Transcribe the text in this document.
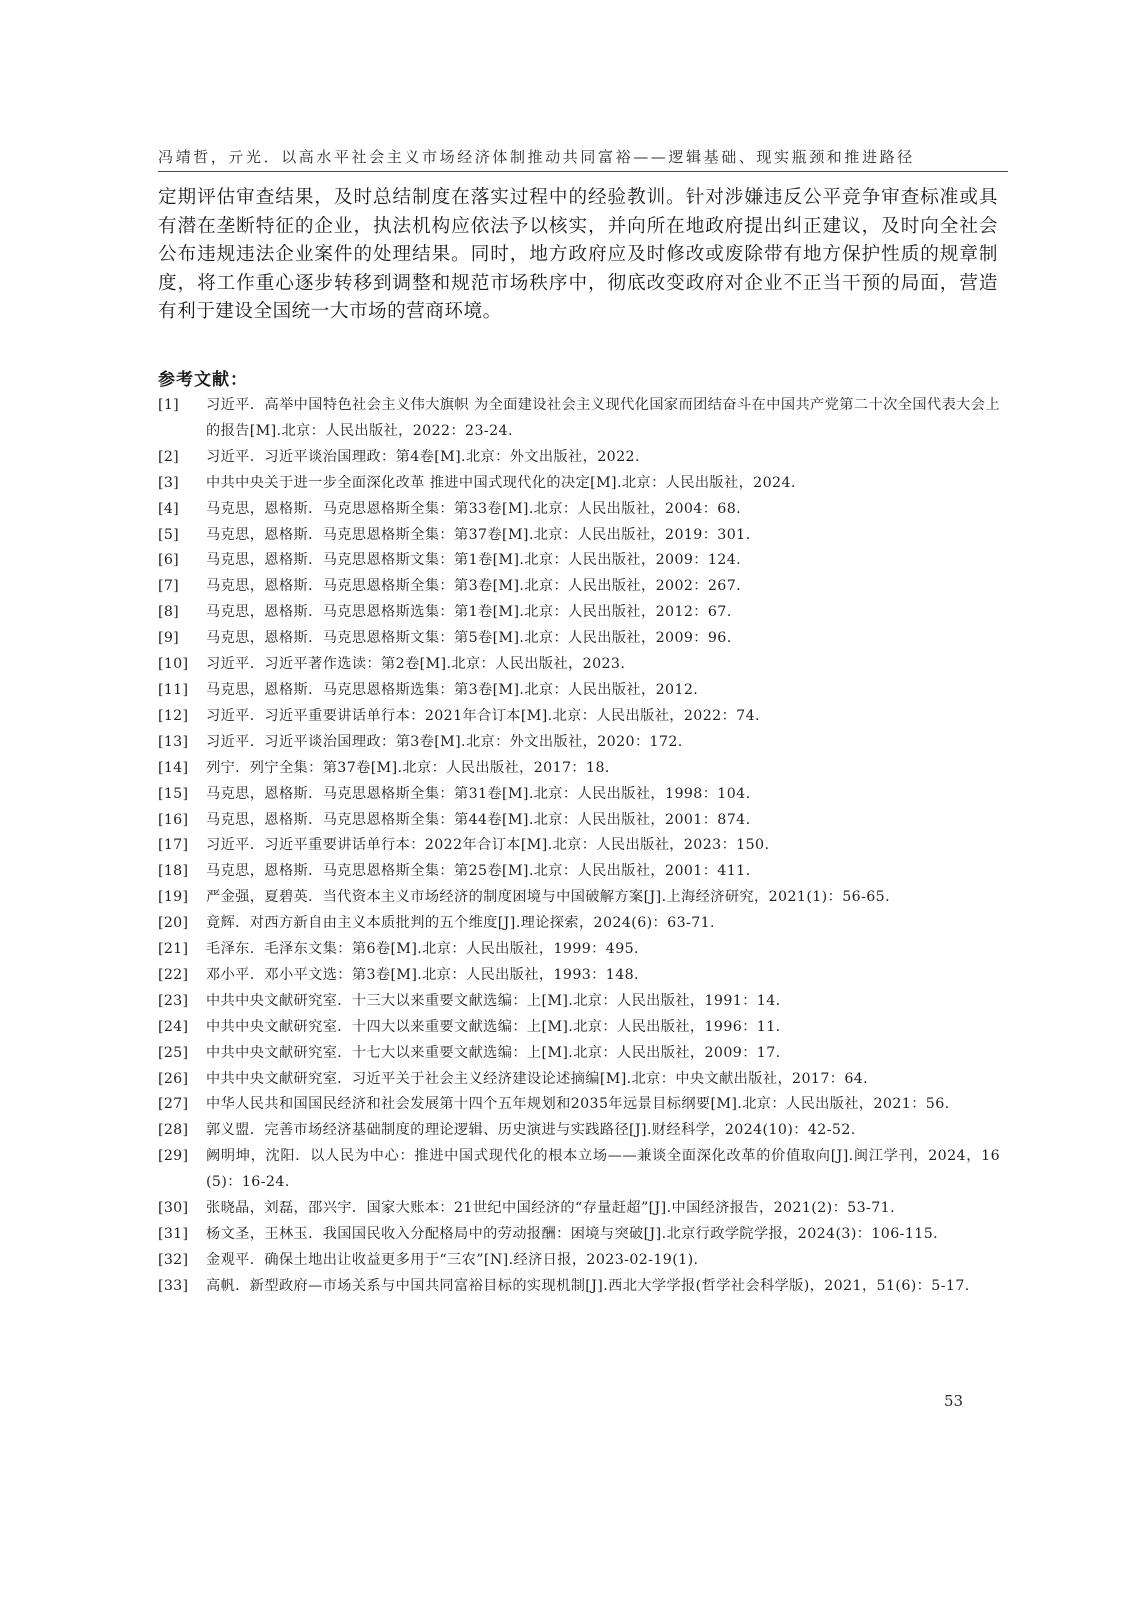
冯靖哲，亓光．以高水平社会主义市场经济体制推动共同富裕——逻辑基础、现实瓶颈和推进路径

定期评估审查结果，及时总结制度在落实过程中的经验教训。针对涉嫌违反公平竞争审查标准或具有潜在垄断特征的企业，执法机构应依法予以核实，并向所在地政府提出纠正建议，及时向全社会公布违规违法企业案件的处理结果。同时，地方政府应及时修改或废除带有地方保护性质的规章制度，将工作重心逐步转移到调整和规范市场秩序中，彻底改变政府对企业不正当干预的局面，营造有利于建设全国统一大市场的营商环境。

参考文献：
[1]	习近平．高举中国特色社会主义伟大旗帜 为全面建设社会主义现代化国家而团结奋斗在中国共产党第二十次全国代表大会上的报告[M].北京：人民出版社，2022：23-24.
[2]	习近平．习近平谈治国理政：第4卷[M].北京：外文出版社，2022.
[3]	中共中央关于进一步全面深化改革 推进中国式现代化的决定[M].北京：人民出版社，2024.
[4]	马克思，恩格斯．马克思恩格斯全集：第33卷[M].北京：人民出版社，2004：68.
[5]	马克思，恩格斯．马克思恩格斯全集：第37卷[M].北京：人民出版社，2019：301.
[6]	马克思，恩格斯．马克思恩格斯文集：第1卷[M].北京：人民出版社，2009：124.
[7]	马克思，恩格斯．马克思恩格斯全集：第3卷[M].北京：人民出版社，2002：267.
[8]	马克思，恩格斯．马克思恩格斯选集：第1卷[M].北京：人民出版社，2012：67.
[9]	马克思，恩格斯．马克思恩格斯文集：第5卷[M].北京：人民出版社，2009：96.
[10]	习近平．习近平著作选读：第2卷[M].北京：人民出版社，2023.
[11]	马克思，恩格斯．马克思恩格斯选集：第3卷[M].北京：人民出版社，2012.
[12]	习近平．习近平重要讲话单行本：2021年合订本[M].北京：人民出版社，2022：74.
[13]	习近平．习近平谈治国理政：第3卷[M].北京：外文出版社，2020：172.
[14]	列宁．列宁全集：第37卷[M].北京：人民出版社，2017：18.
[15]	马克思，恩格斯．马克思恩格斯全集：第31卷[M].北京：人民出版社，1998：104.
[16]	马克思，恩格斯．马克思恩格斯全集：第44卷[M].北京：人民出版社，2001：874.
[17]	习近平．习近平重要讲话单行本：2022年合订本[M].北京：人民出版社，2023：150.
[18]	马克思，恩格斯．马克思恩格斯全集：第25卷[M].北京：人民出版社，2001：411.
[19]	严金强，夏碧英．当代资本主义市场经济的制度困境与中国破解方案[J].上海经济研究，2021(1)：56-65.
[20]	竟辉．对西方新自由主义本质批判的五个维度[J].理论探索，2024(6)：63-71.
[21]	毛泽东．毛泽东文集：第6卷[M].北京：人民出版社，1999：495.
[22]	邓小平．邓小平文选：第3卷[M].北京：人民出版社，1993：148.
[23]	中共中央文献研究室．十三大以来重要文献选编：上[M].北京：人民出版社，1991：14.
[24]	中共中央文献研究室．十四大以来重要文献选编：上[M].北京：人民出版社，1996：11.
[25]	中共中央文献研究室．十七大以来重要文献选编：上[M].北京：人民出版社，2009：17.
[26]	中共中央文献研究室．习近平关于社会主义经济建设论述摘编[M].北京：中央文献出版社，2017：64.
[27]	中华人民共和国国民经济和社会发展第十四个五年规划和2035年远景目标纲要[M].北京：人民出版社，2021：56.
[28]	郭义盟．完善市场经济基础制度的理论逻辑、历史演进与实践路径[J].财经科学，2024(10)：42-52.
[29]	阙明坤，沈阳．以人民为中心：推进中国式现代化的根本立场——兼谈全面深化改革的价值取向[J].闽江学刊，2024，16(5)：16-24.
[30]	张晓晶，刘磊，邵兴宇．国家大账本：21世纪中国经济的“存量赶超”[J].中国经济报告，2021(2)：53-71.
[31]	杨文圣，王林玉．我国国民收入分配格局中的劳动报酬：困境与突破[J].北京行政学院学报，2024(3)：106-115.
[32]	金观平．确保土地出让收益更多用于“三农”[N].经济日报，2023-02-19(1).
[33]	高帆．新型政府—市场关系与中国共同富裕目标的实现机制[J].西北大学学报(哲学社会科学版)，2021，51(6)：5-17.
53
